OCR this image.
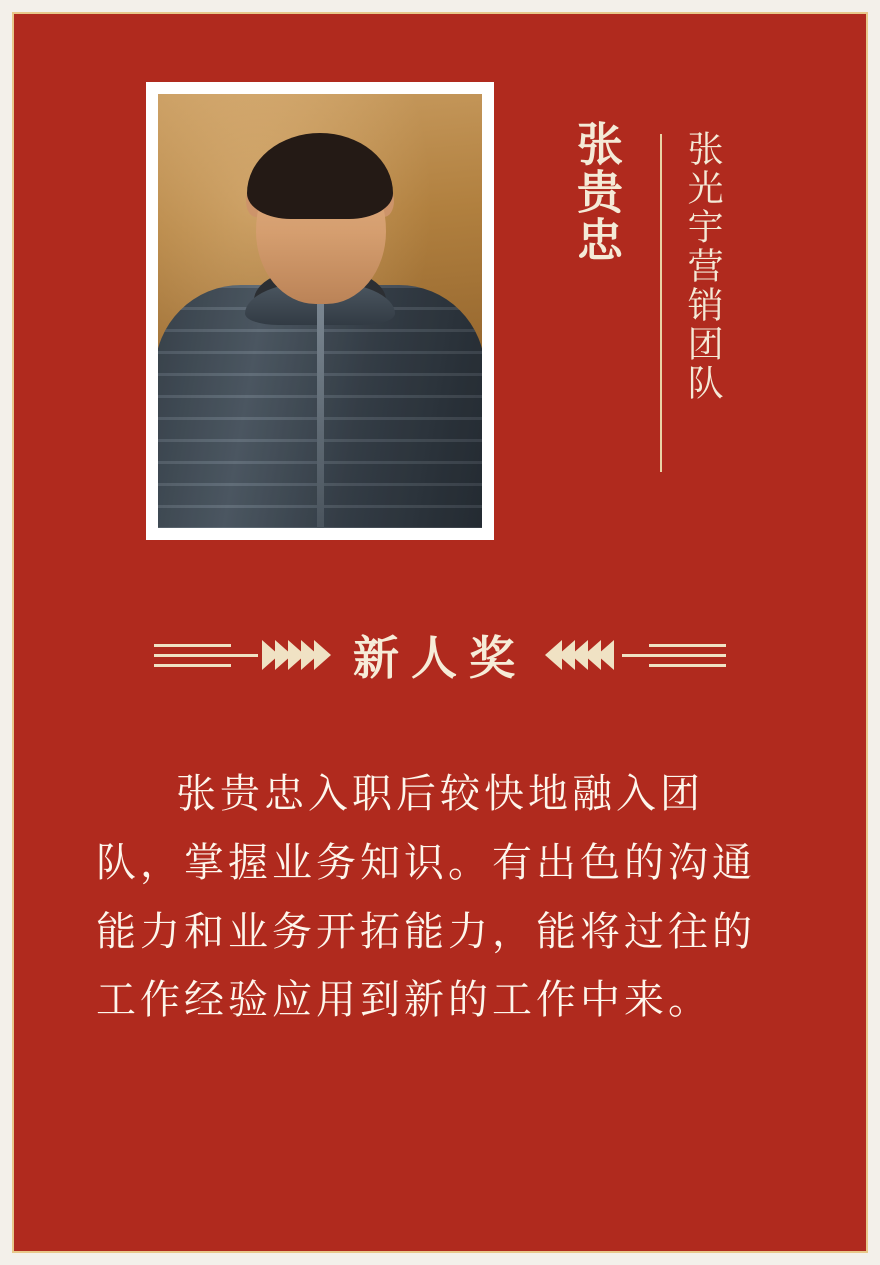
张贵忠 张光宇营销团队
新人奖
张贵忠入职后较快地融入团队，掌握业务知识。有出色的沟通能力和业务开拓能力，能将过往的工作经验应用到新的工作中来。
